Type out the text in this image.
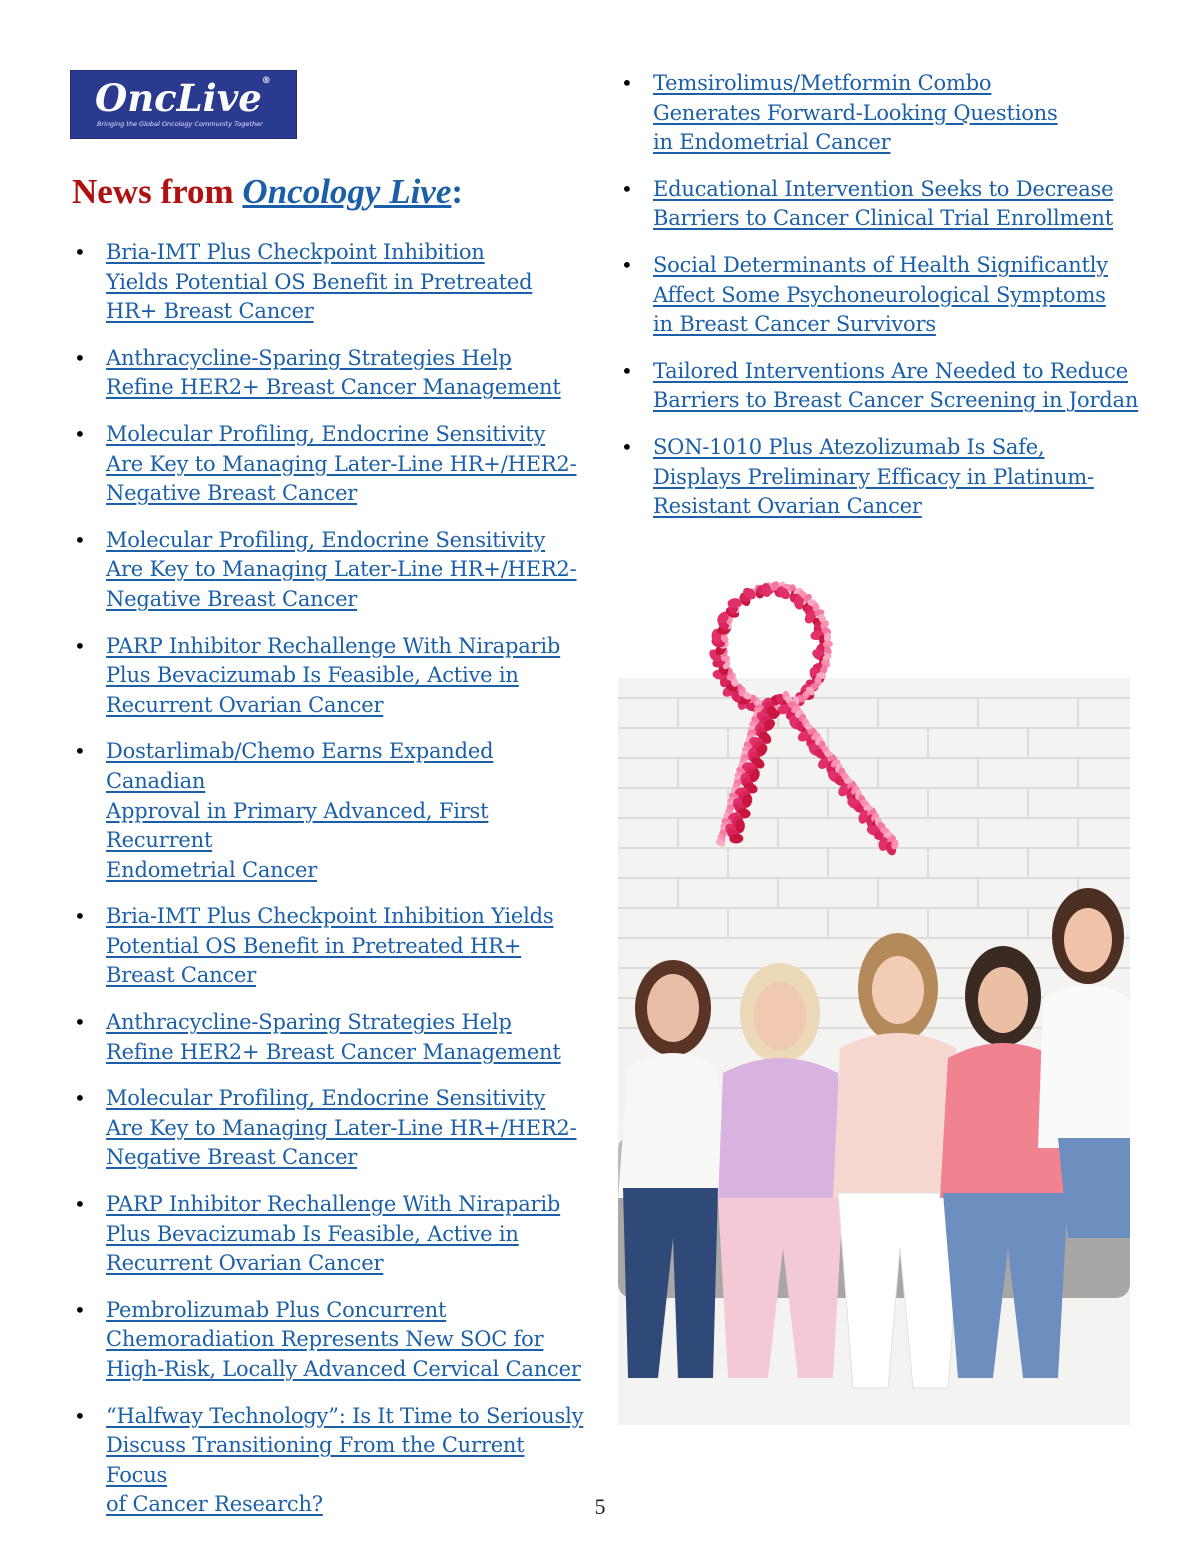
OncLive®
Bringing the Global Oncology Community Together
News from Oncology Live:
• Bria-IMT Plus Checkpoint Inhibition
Yields Potential OS Benefit in Pretreated
HR+ Breast Cancer
• Anthracycline-Sparing Strategies Help
Refine HER2+ Breast Cancer Management
• Molecular Profiling, Endocrine Sensitivity
Are Key to Managing Later-Line HR+/HER2-
Negative Breast Cancer
• Molecular Profiling, Endocrine Sensitivity
Are Key to Managing Later-Line HR+/HER2-
Negative Breast Cancer
• PARP Inhibitor Rechallenge With Niraparib
Plus Bevacizumab Is Feasible, Active in
Recurrent Ovarian Cancer
• Dostarlimab/Chemo Earns Expanded Canadian
Approval in Primary Advanced, First Recurrent
Endometrial Cancer
• Bria-IMT Plus Checkpoint Inhibition Yields
Potential OS Benefit in Pretreated HR+
Breast Cancer
• Anthracycline-Sparing Strategies Help
Refine HER2+ Breast Cancer Management
• Molecular Profiling, Endocrine Sensitivity
Are Key to Managing Later-Line HR+/HER2-
Negative Breast Cancer
• PARP Inhibitor Rechallenge With Niraparib
Plus Bevacizumab Is Feasible, Active in
Recurrent Ovarian Cancer
• Pembrolizumab Plus Concurrent
Chemoradiation Represents New SOC for
High-Risk, Locally Advanced Cervical Cancer
• “Halfway Technology”: Is It Time to Seriously
Discuss Transitioning From the Current Focus
of Cancer Research?
• Temsirolimus/Metformin Combo
Generates Forward-Looking Questions
in Endometrial Cancer
• Educational Intervention Seeks to Decrease
Barriers to Cancer Clinical Trial Enrollment
• Social Determinants of Health Significantly
Affect Some Psychoneurological Symptoms
in Breast Cancer Survivors
• Tailored Interventions Are Needed to Reduce
Barriers to Breast Cancer Screening in Jordan
• SON-1010 Plus Atezolizumab Is Safe,
Displays Preliminary Efficacy in Platinum-
Resistant Ovarian Cancer
5
